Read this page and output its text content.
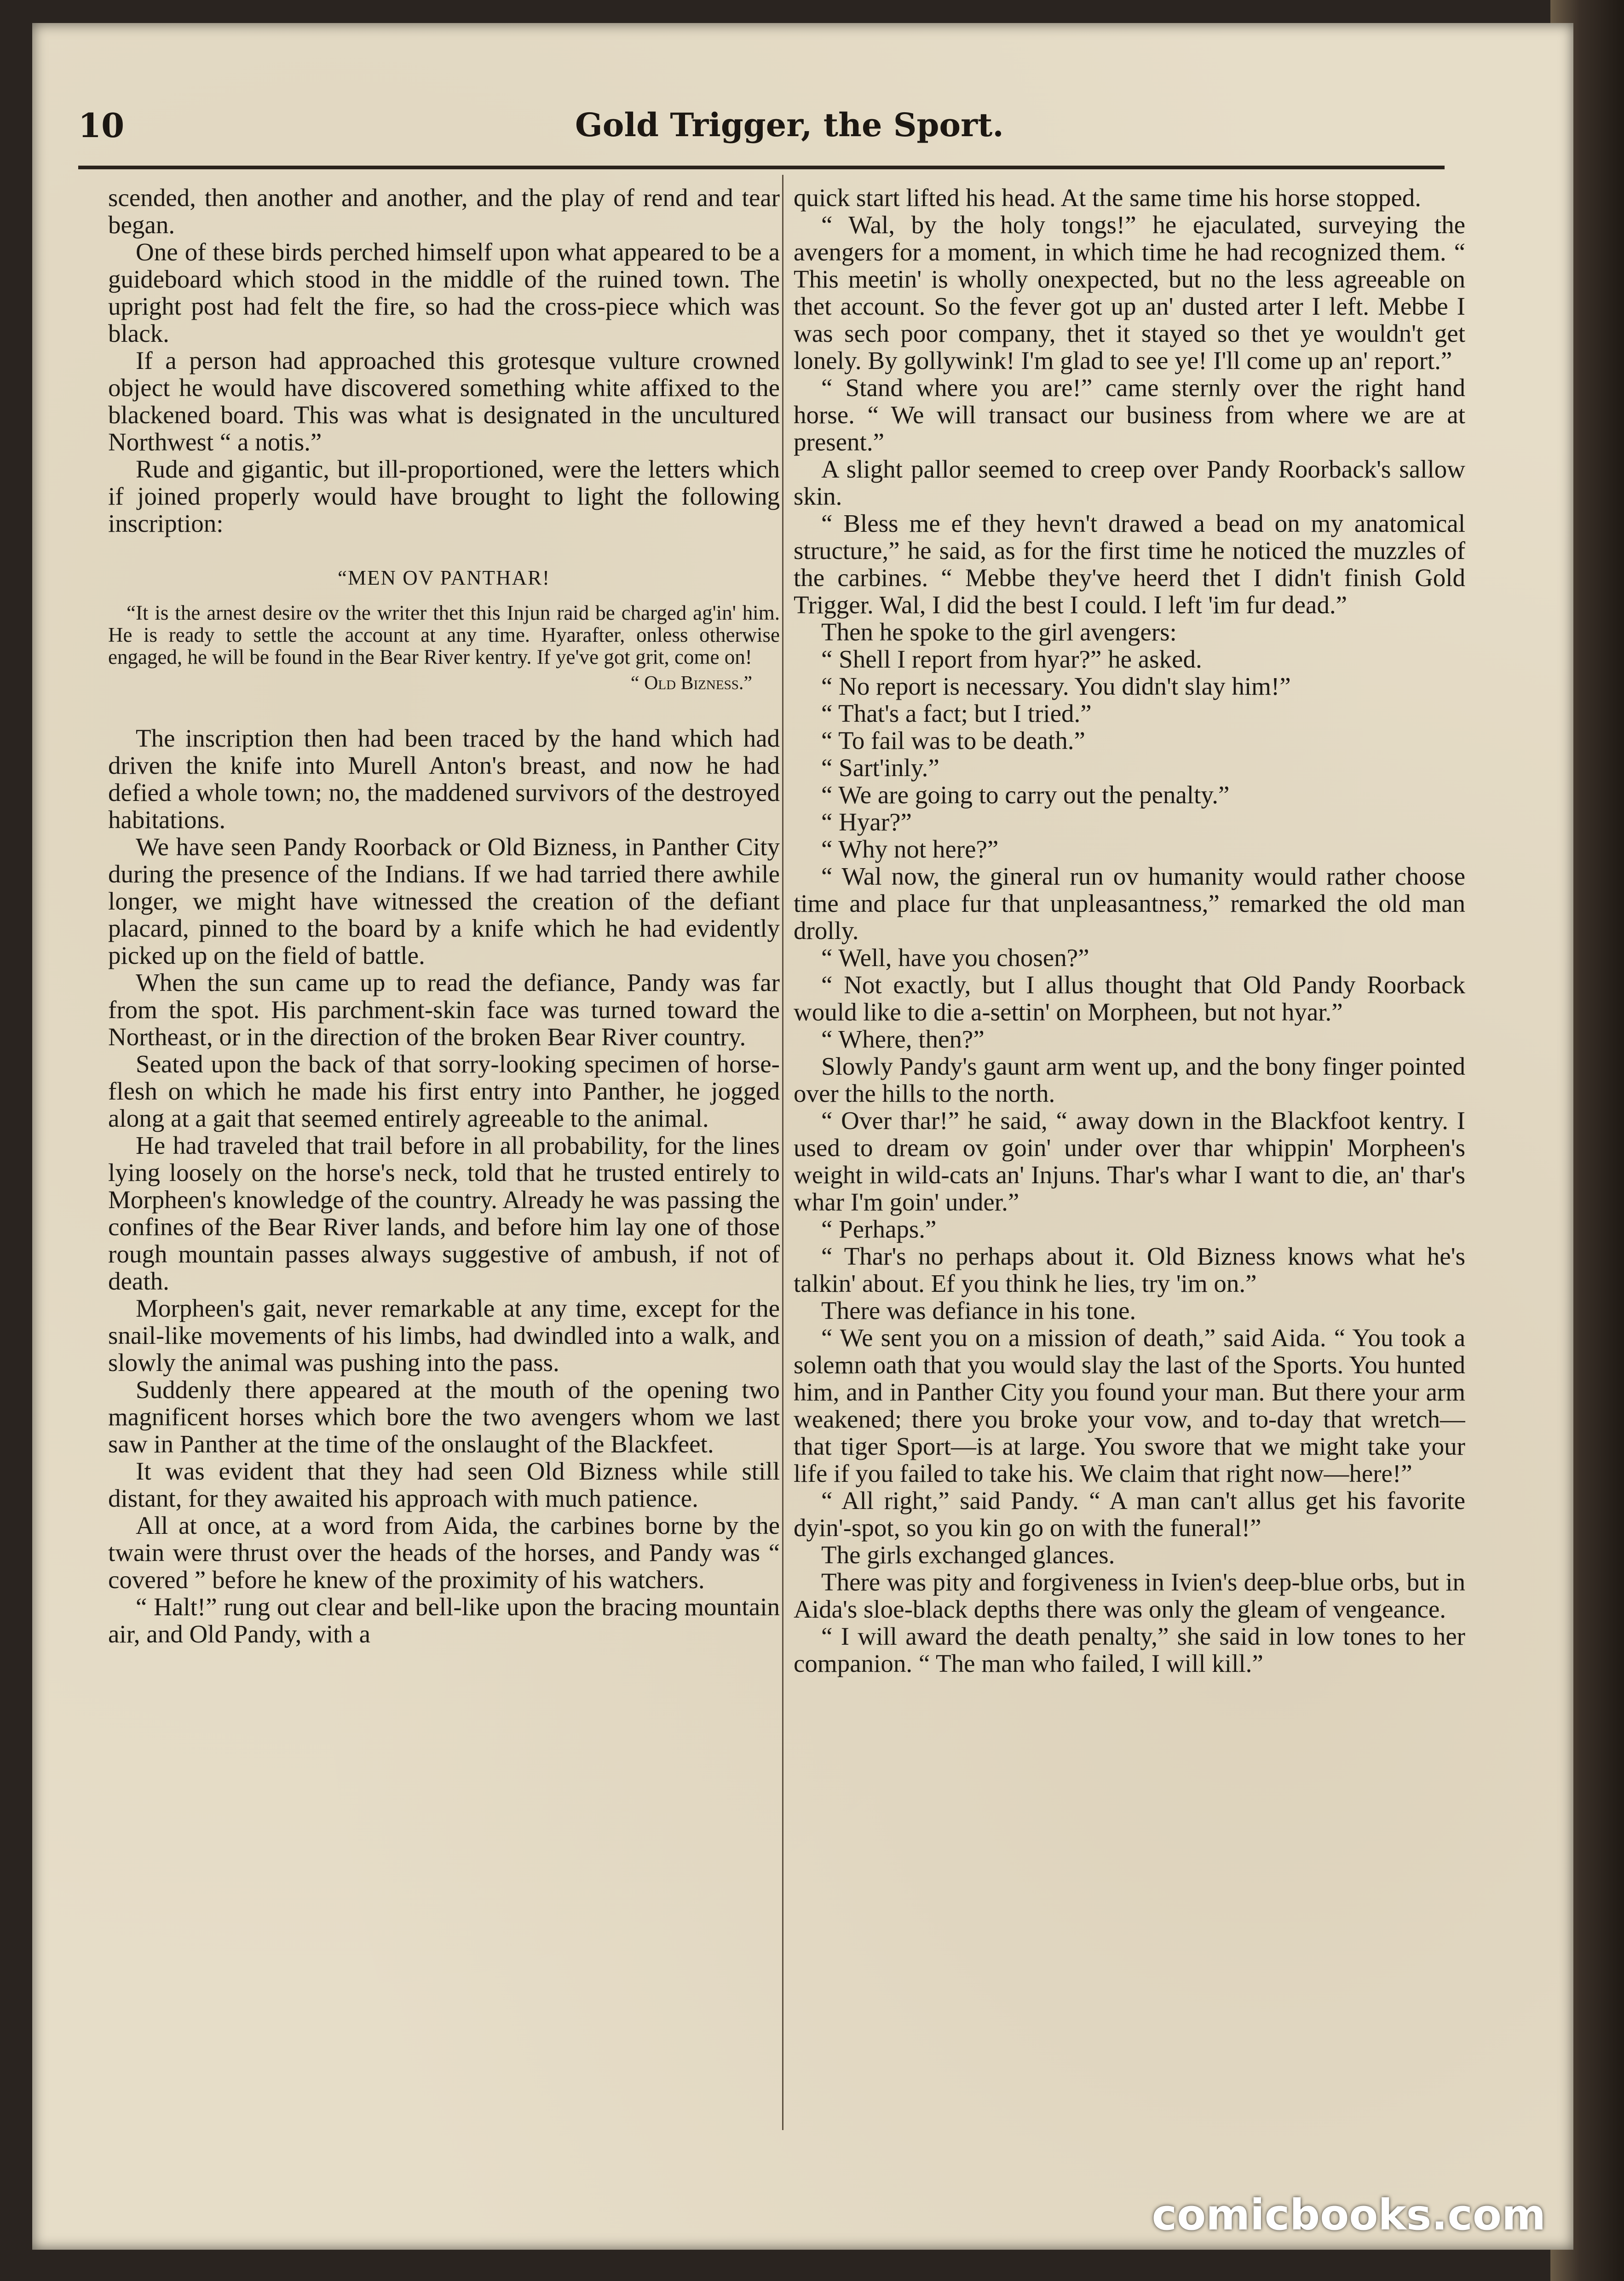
10	Gold Trigger, the Sport.

scended, then another and another, and the play of rend and tear began.

One of these birds perched himself upon what appeared to be a guideboard which stood in the middle of the ruined town. The upright post had felt the fire, so had the cross-piece which was black.

If a person had approached this grotesque vulture crowned object he would have discovered something white affixed to the blackened board. This was what is designated in the uncultured Northwest “ a notis.”

Rude and gigantic, but ill-proportioned, were the letters which if joined properly would have brought to light the following inscription:

“MEN OV PANTHAR!

“It is the arnest desire ov the writer thet this Injun raid be charged ag'in' him. He is ready to settle the account at any time. Hyarafter, onless otherwise engaged, he will be found in the Bear River kentry. If ye've got grit, come on!

“ Old Bizness.”

The inscription then had been traced by the hand which had driven the knife into Murell Anton's breast, and now he had defied a whole town; no, the maddened survivors of the destroyed habitations.

We have seen Pandy Roorback or Old Bizness, in Panther City during the presence of the Indians. If we had tarried there awhile longer, we might have witnessed the creation of the defiant placard, pinned to the board by a knife which he had evidently picked up on the field of battle.

When the sun came up to read the defiance, Pandy was far from the spot. His parchment-skin face was turned toward the Northeast, or in the direction of the broken Bear River country.

Seated upon the back of that sorry-looking specimen of horse-flesh on which he made his first entry into Panther, he jogged along at a gait that seemed entirely agreeable to the animal.

He had traveled that trail before in all probability, for the lines lying loosely on the horse's neck, told that he trusted entirely to Morpheen's knowledge of the country. Already he was passing the confines of the Bear River lands, and before him lay one of those rough mountain passes always suggestive of ambush, if not of death.

Morpheen's gait, never remarkable at any time, except for the snail-like movements of his limbs, had dwindled into a walk, and slowly the animal was pushing into the pass.

Suddenly there appeared at the mouth of the opening two magnificent horses which bore the two avengers whom we last saw in Panther at the time of the onslaught of the Blackfeet.

It was evident that they had seen Old Bizness while still distant, for they awaited his approach with much patience.

All at once, at a word from Aida, the carbines borne by the twain were thrust over the heads of the horses, and Pandy was “ covered ” before he knew of the proximity of his watchers.

“ Halt!” rung out clear and bell-like upon the bracing mountain air, and Old Pandy, with a

quick start lifted his head. At the same time his horse stopped.

“ Wal, by the holy tongs!” he ejaculated, surveying the avengers for a moment, in which time he had recognized them. “ This meetin' is wholly onexpected, but no the less agreeable on thet account. So the fever got up an' dusted arter I left. Mebbe I was sech poor company, thet it stayed so thet ye wouldn't get lonely. By gollywink! I'm glad to see ye! I'll come up an' report.”

“ Stand where you are!” came sternly over the right hand horse. “ We will transact our business from where we are at present.”

A slight pallor seemed to creep over Pandy Roorback's sallow skin.

“ Bless me ef they hevn't drawed a bead on my anatomical structure,” he said, as for the first time he noticed the muzzles of the carbines. “ Mebbe they've heerd thet I didn't finish Gold Trigger. Wal, I did the best I could. I left 'im fur dead.”

Then he spoke to the girl avengers:

“ Shell I report from hyar?” he asked.

“ No report is necessary. You didn't slay him!”

“ That's a fact; but I tried.”

“ To fail was to be death.”

“ Sart'inly.”

“ We are going to carry out the penalty.”

“ Hyar?”

“ Why not here?”

“ Wal now, the gineral run ov humanity would rather choose time and place fur that unpleasantness,” remarked the old man drolly.

“ Well, have you chosen?”

“ Not exactly, but I allus thought that Old Pandy Roorback would like to die a-settin' on Morpheen, but not hyar.”

“ Where, then?”

Slowly Pandy's gaunt arm went up, and the bony finger pointed over the hills to the north.

“ Over thar!” he said, “ away down in the Blackfoot kentry. I used to dream ov goin' under over thar whippin' Morpheen's weight in wild-cats an' Injuns. Thar's whar I want to die, an' thar's whar I'm goin' under.”

“ Perhaps.”

“ Thar's no perhaps about it. Old Bizness knows what he's talkin' about. Ef you think he lies, try 'im on.”

There was defiance in his tone.

“ We sent you on a mission of death,” said Aida. “ You took a solemn oath that you would slay the last of the Sports. You hunted him, and in Panther City you found your man. But there your arm weakened; there you broke your vow, and to-day that wretch—that tiger Sport—is at large. You swore that we might take your life if you failed to take his. We claim that right now—here!”

“ All right,” said Pandy. “ A man can't allus get his favorite dyin'-spot, so you kin go on with the funeral!”

The girls exchanged glances.

There was pity and forgiveness in Ivien's deep-blue orbs, but in Aida's sloe-black depths there was only the gleam of vengeance.

“ I will award the death penalty,” she said in low tones to her companion. “ The man who failed, I will kill.”

comicbooks.com
